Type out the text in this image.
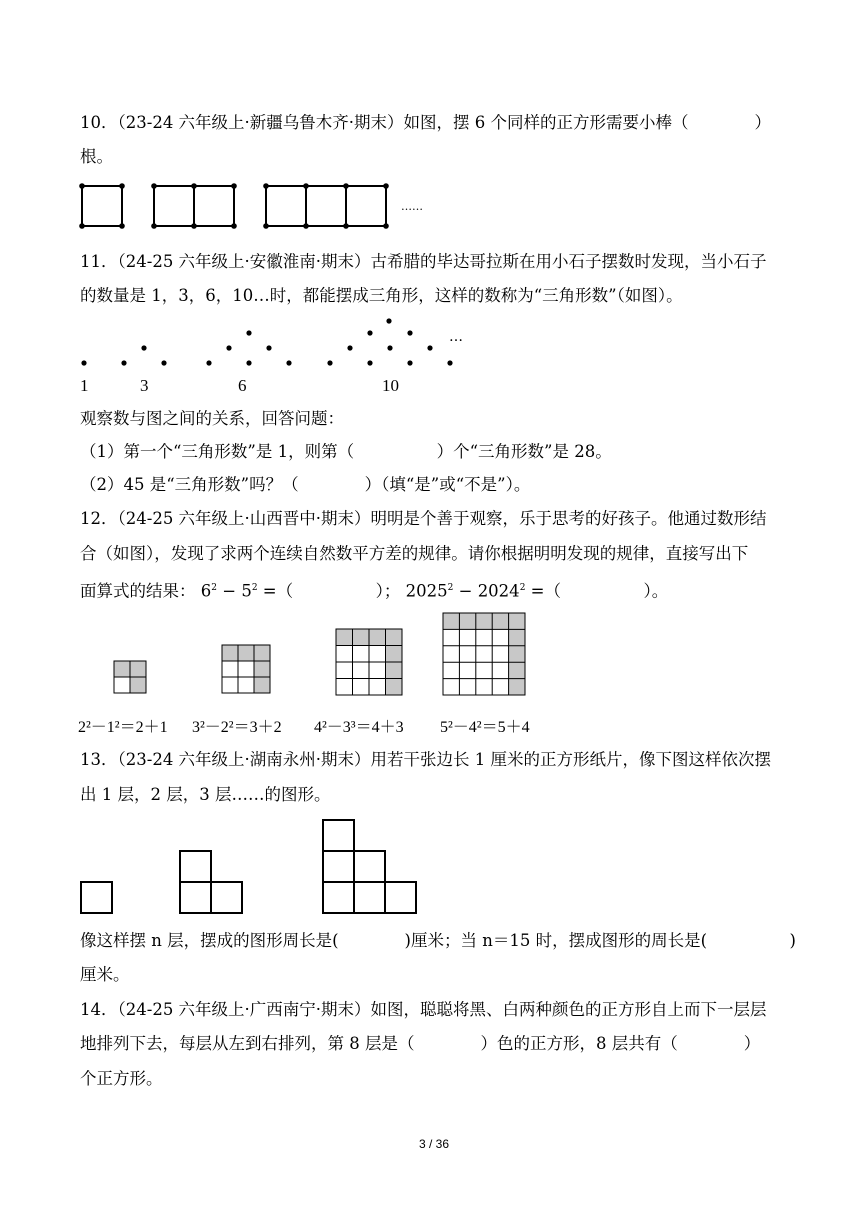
10．（23-24 六年级上·新疆乌鲁木齐·期末）如图，摆 6 个同样的正方形需要小棒（　　　　）
根。
……
11．（24-25 六年级上·安徽淮南·期末）古希腊的毕达哥拉斯在用小石子摆数时发现，当小石子
的数量是 1，3，6，10…时，都能摆成三角形，这样的数称为“三角形数”（如图）。
…
1	3	6	10
观察数与图之间的关系，回答问题：
（1）第一个“三角形数”是 1，则第（　　　　　）个“三角形数”是 28。
（2）45 是“三角形数”吗？（　　　　）（填“是”或“不是”）。
12．（24-25 六年级上·山西晋中·期末）明明是个善于观察，乐于思考的好孩子。他通过数形结
合（如图），发现了求两个连续自然数平方差的规律。请你根据明明发现的规律，直接写出下
面算式的结果： $6^2 - 5^2$ =（　　　　　）； $2025^2 - 2024^2$ =（　　　　　）。
2²－1²＝2＋1 3²－2²＝3＋2 4²－3³＝4＋3 5²－4²＝5＋4
13．（23-24 六年级上·湖南永州·期末）用若干张边长 1 厘米的正方形纸片，像下图这样依次摆
出 1 层，2 层，3 层……的图形。
像这样摆 n 层，摆成的图形周长是(　　　　)厘米；当 n＝15 时，摆成图形的周长是(　　　　　)
厘米。
14．（24-25 六年级上·广西南宁·期末）如图，聪聪将黑、白两种颜色的正方形自上而下一层层
地排列下去，每层从左到右排列，第 8 层是（　　　　）色的正方形，8 层共有（　　　　）
个正方形。
3 / 36
